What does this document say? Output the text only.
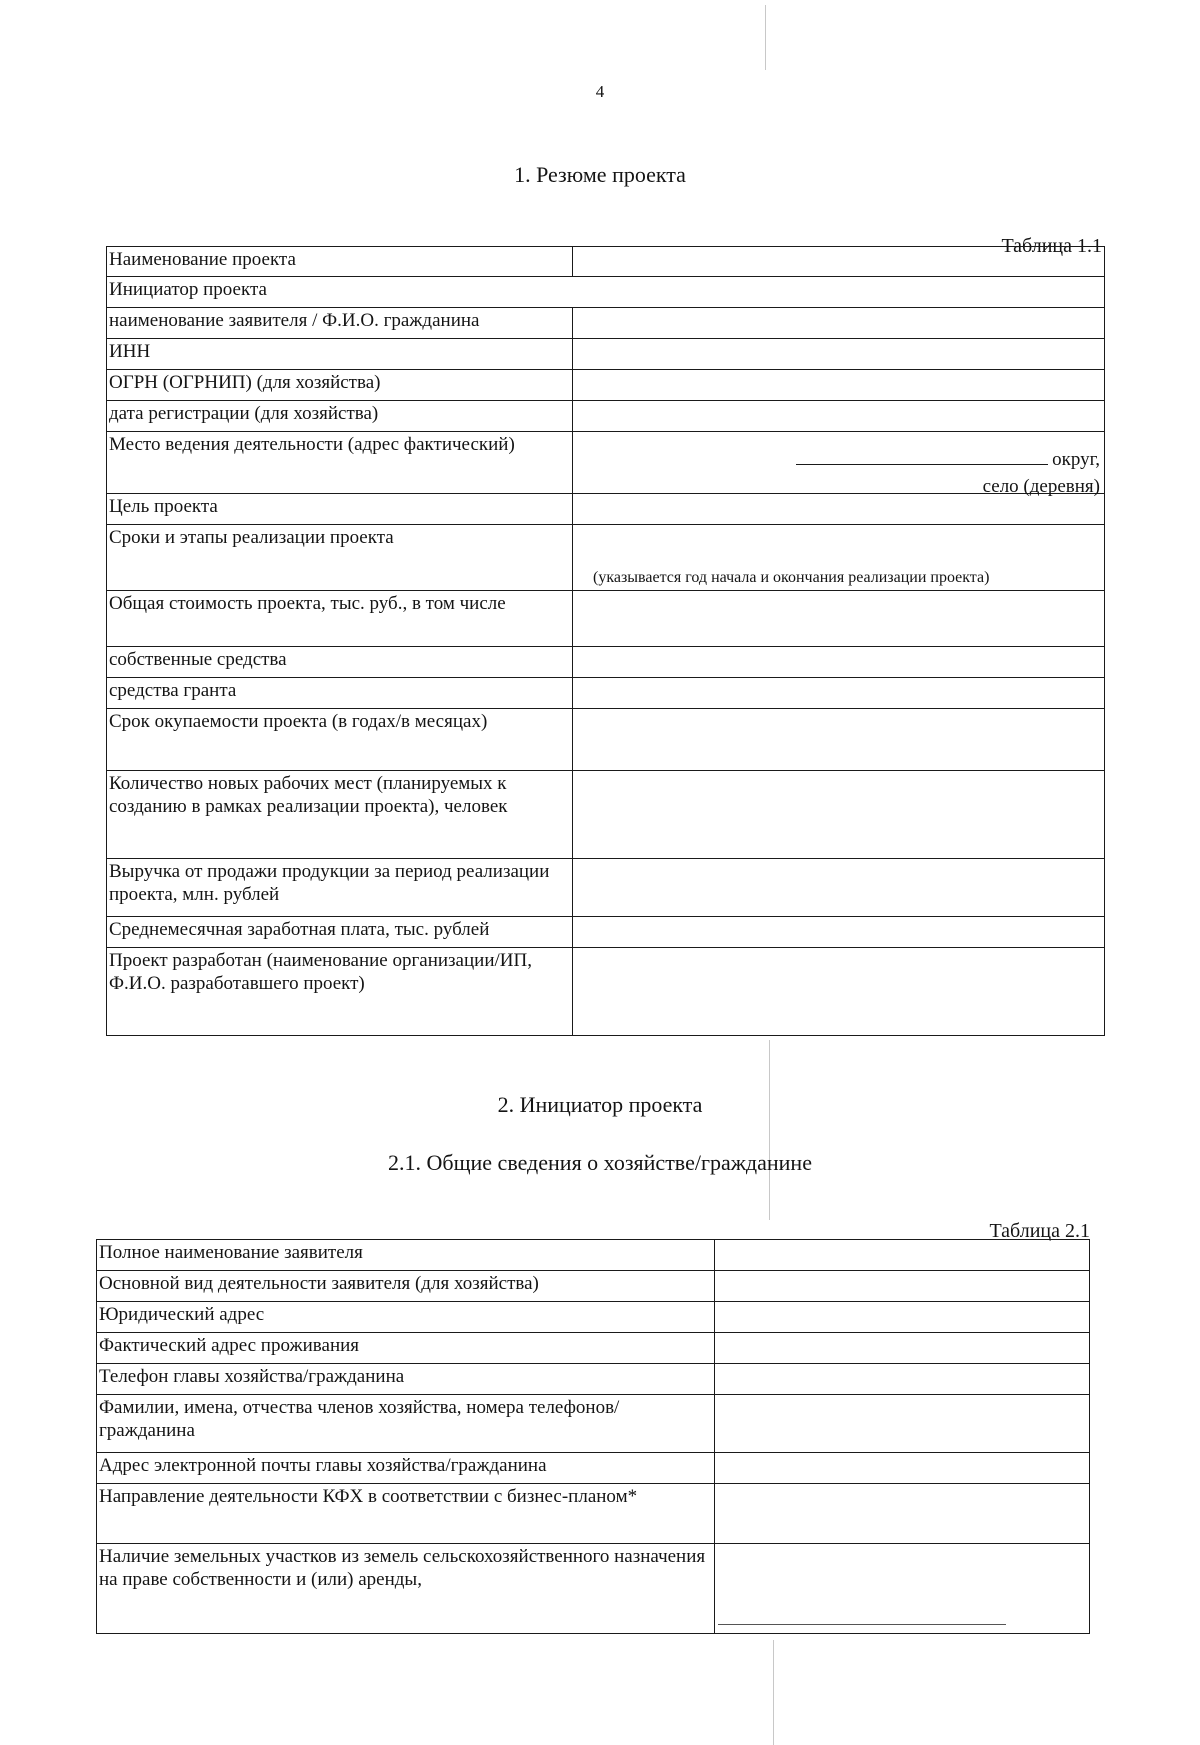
4
1. Резюме проекта
Таблица 1.1
Наименование проекта	
Инициатор проекта	
наименование заявителя / Ф.И.О. гражданина	
ИНН	
ОГРН (ОГРНИП) (для хозяйства)	
дата регистрации (для хозяйства)	
Место ведения деятельности (адрес фактический)	округ,
село (деревня)

Цель проекта	
Сроки и этапы реализации проекта	(указывается год начала и окончания реализации проекта)

Общая стоимость проекта, тыс. руб., в том числе	
собственные средства	
средства гранта	
Срок окупаемости проекта (в годах/в месяцах)	
Количество новых рабочих мест (планируемых к созданию в рамках реализации проекта), человек	
Выручка от продажи продукции за период реализации проекта, млн. рублей	
Среднемесячная заработная плата, тыс. рублей	
Проект разработан (наименование организации/ИП, Ф.И.О. разработавшего проект)	
2. Инициатор проекта
2.1. Общие сведения о хозяйстве/гражданине
Таблица 2.1
Полное наименование заявителя	
Основной вид деятельности заявителя (для хозяйства)	
Юридический адрес	
Фактический адрес проживания	
Телефон главы хозяйства/гражданина	
Фамилии, имена, отчества членов хозяйства, номера телефонов/гражданина	
Адрес электронной почты главы хозяйства/гражданина	
Направление деятельности КФХ в соответствии с бизнес-планом*	
Наличие земельных участков из земель сельскохозяйственного назначения на праве собственности и (или) аренды,	
